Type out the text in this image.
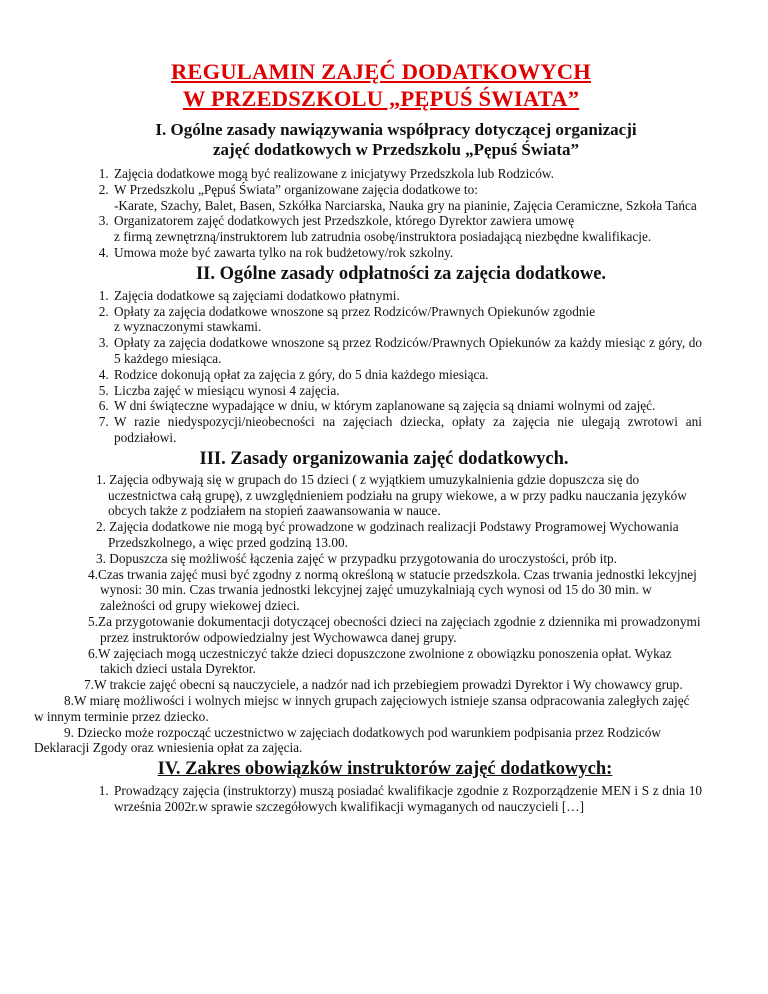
REGULAMIN ZAJĘĆ DODATKOWYCH
W PRZEDSZKOLU „PĘPUŚ ŚWIATA”
I. Ogólne zasady nawiązywania współpracy dotyczącej organizacji
zajęć dodatkowych w Przedszkolu „Pępuś Świata”
1. Zajęcia dodatkowe mogą być realizowane z inicjatywy Przedszkola lub Rodziców.
2. W Przedszkolu „Pępuś Świata” organizowane zajęcia dodatkowe to:
-Karate, Szachy, Balet, Basen, Szkółka Narciarska, Nauka gry na pianinie, Zajęcia Ceramiczne, Szkoła Tańca
3. Organizatorem zajęć dodatkowych jest Przedszkole, którego Dyrektor zawiera umowę
z firmą zewnętrzną/instruktorem lub zatrudnia osobę/instruktora posiadającą niezbędne kwalifikacje.
4. Umowa może być zawarta tylko na rok budżetowy/rok szkolny.
II. Ogólne zasady odpłatności za zajęcia dodatkowe.
1. Zajęcia dodatkowe są zajęciami dodatkowo płatnymi.
2. Opłaty za zajęcia dodatkowe wnoszone są przez Rodziców/Prawnych Opiekunów zgodnie
z wyznaczonymi stawkami.
3. Opłaty za zajęcia dodatkowe wnoszone są przez Rodziców/Prawnych Opiekunów za każdy miesiąc z góry, do 5 każdego miesiąca.
4. Rodzice dokonują opłat za zajęcia z góry, do 5 dnia każdego miesiąca.
5. Liczba zajęć w miesiącu wynosi 4 zajęcia.
6. W dni świąteczne wypadające w dniu, w którym zaplanowane są zajęcia są dniami wolnymi od zajęć.
7. W razie niedyspozycji/nieobecności na zajęciach dziecka, opłaty za zajęcia nie ulegają zwrotowi ani podziałowi.
III. Zasady organizowania zajęć dodatkowych.

1. Zajęcia odbywają się w grupach do 15 dzieci ( z wyjątkiem umuzykalnienia gdzie dopuszcza się do uczestnictwa całą grupę), z uwzględnieniem podziału na grupy wiekowe, a w przy padku nauczania języków obcych także z podziałem na stopień zaawansowania w nauce.

2. Zajęcia dodatkowe nie mogą być prowadzone w godzinach realizacji Podstawy Programowej Wychowania Przedszkolnego, a więc przed godziną 13.00.

3. Dopuszcza się możliwość łączenia zajęć w przypadku przygotowania do uroczystości, prób itp.

4.Czas trwania zajęć musi być zgodny z normą określoną w statucie przedszkola. Czas trwania jednostki lekcyjnej wynosi: 30 min. Czas trwania jednostki lekcyjnej zajęć umuzykalniają cych wynosi od 15 do 30 min. w zależności od grupy wiekowej dzieci.

5.Za przygotowanie dokumentacji dotyczącej obecności dzieci na zajęciach zgodnie z dziennika mi prowadzonymi przez instruktorów odpowiedzialny jest Wychowawca danej grupy.

6.W zajęciach mogą uczestniczyć także dzieci dopuszczone zwolnione z obowiązku ponoszenia opłat. Wykaz takich dzieci ustala Dyrektor.

7.W trakcie zajęć obecni są nauczyciele, a nadzór nad ich przebiegiem prowadzi Dyrektor i Wy chowawcy grup.

8.W miarę możliwości i wolnych miejsc w innych grupach zajęciowych istnieje szansa odpracowania zaległych zajęć w innym terminie przez dziecko.

9. Dziecko może rozpocząć uczestnictwo w zajęciach dodatkowych pod warunkiem podpisania przez Rodziców Deklaracji Zgody oraz wniesienia opłat za zajęcia.

IV. Zakres obowiązków instruktorów zajęć dodatkowych:
1. Prowadzący zajęcia (instruktorzy) muszą posiadać kwalifikacje zgodnie z Rozporządzenie MEN i S z dnia 10 września 2002r.w sprawie szczegółowych kwalifikacji wymaganych od nauczycieli […]
